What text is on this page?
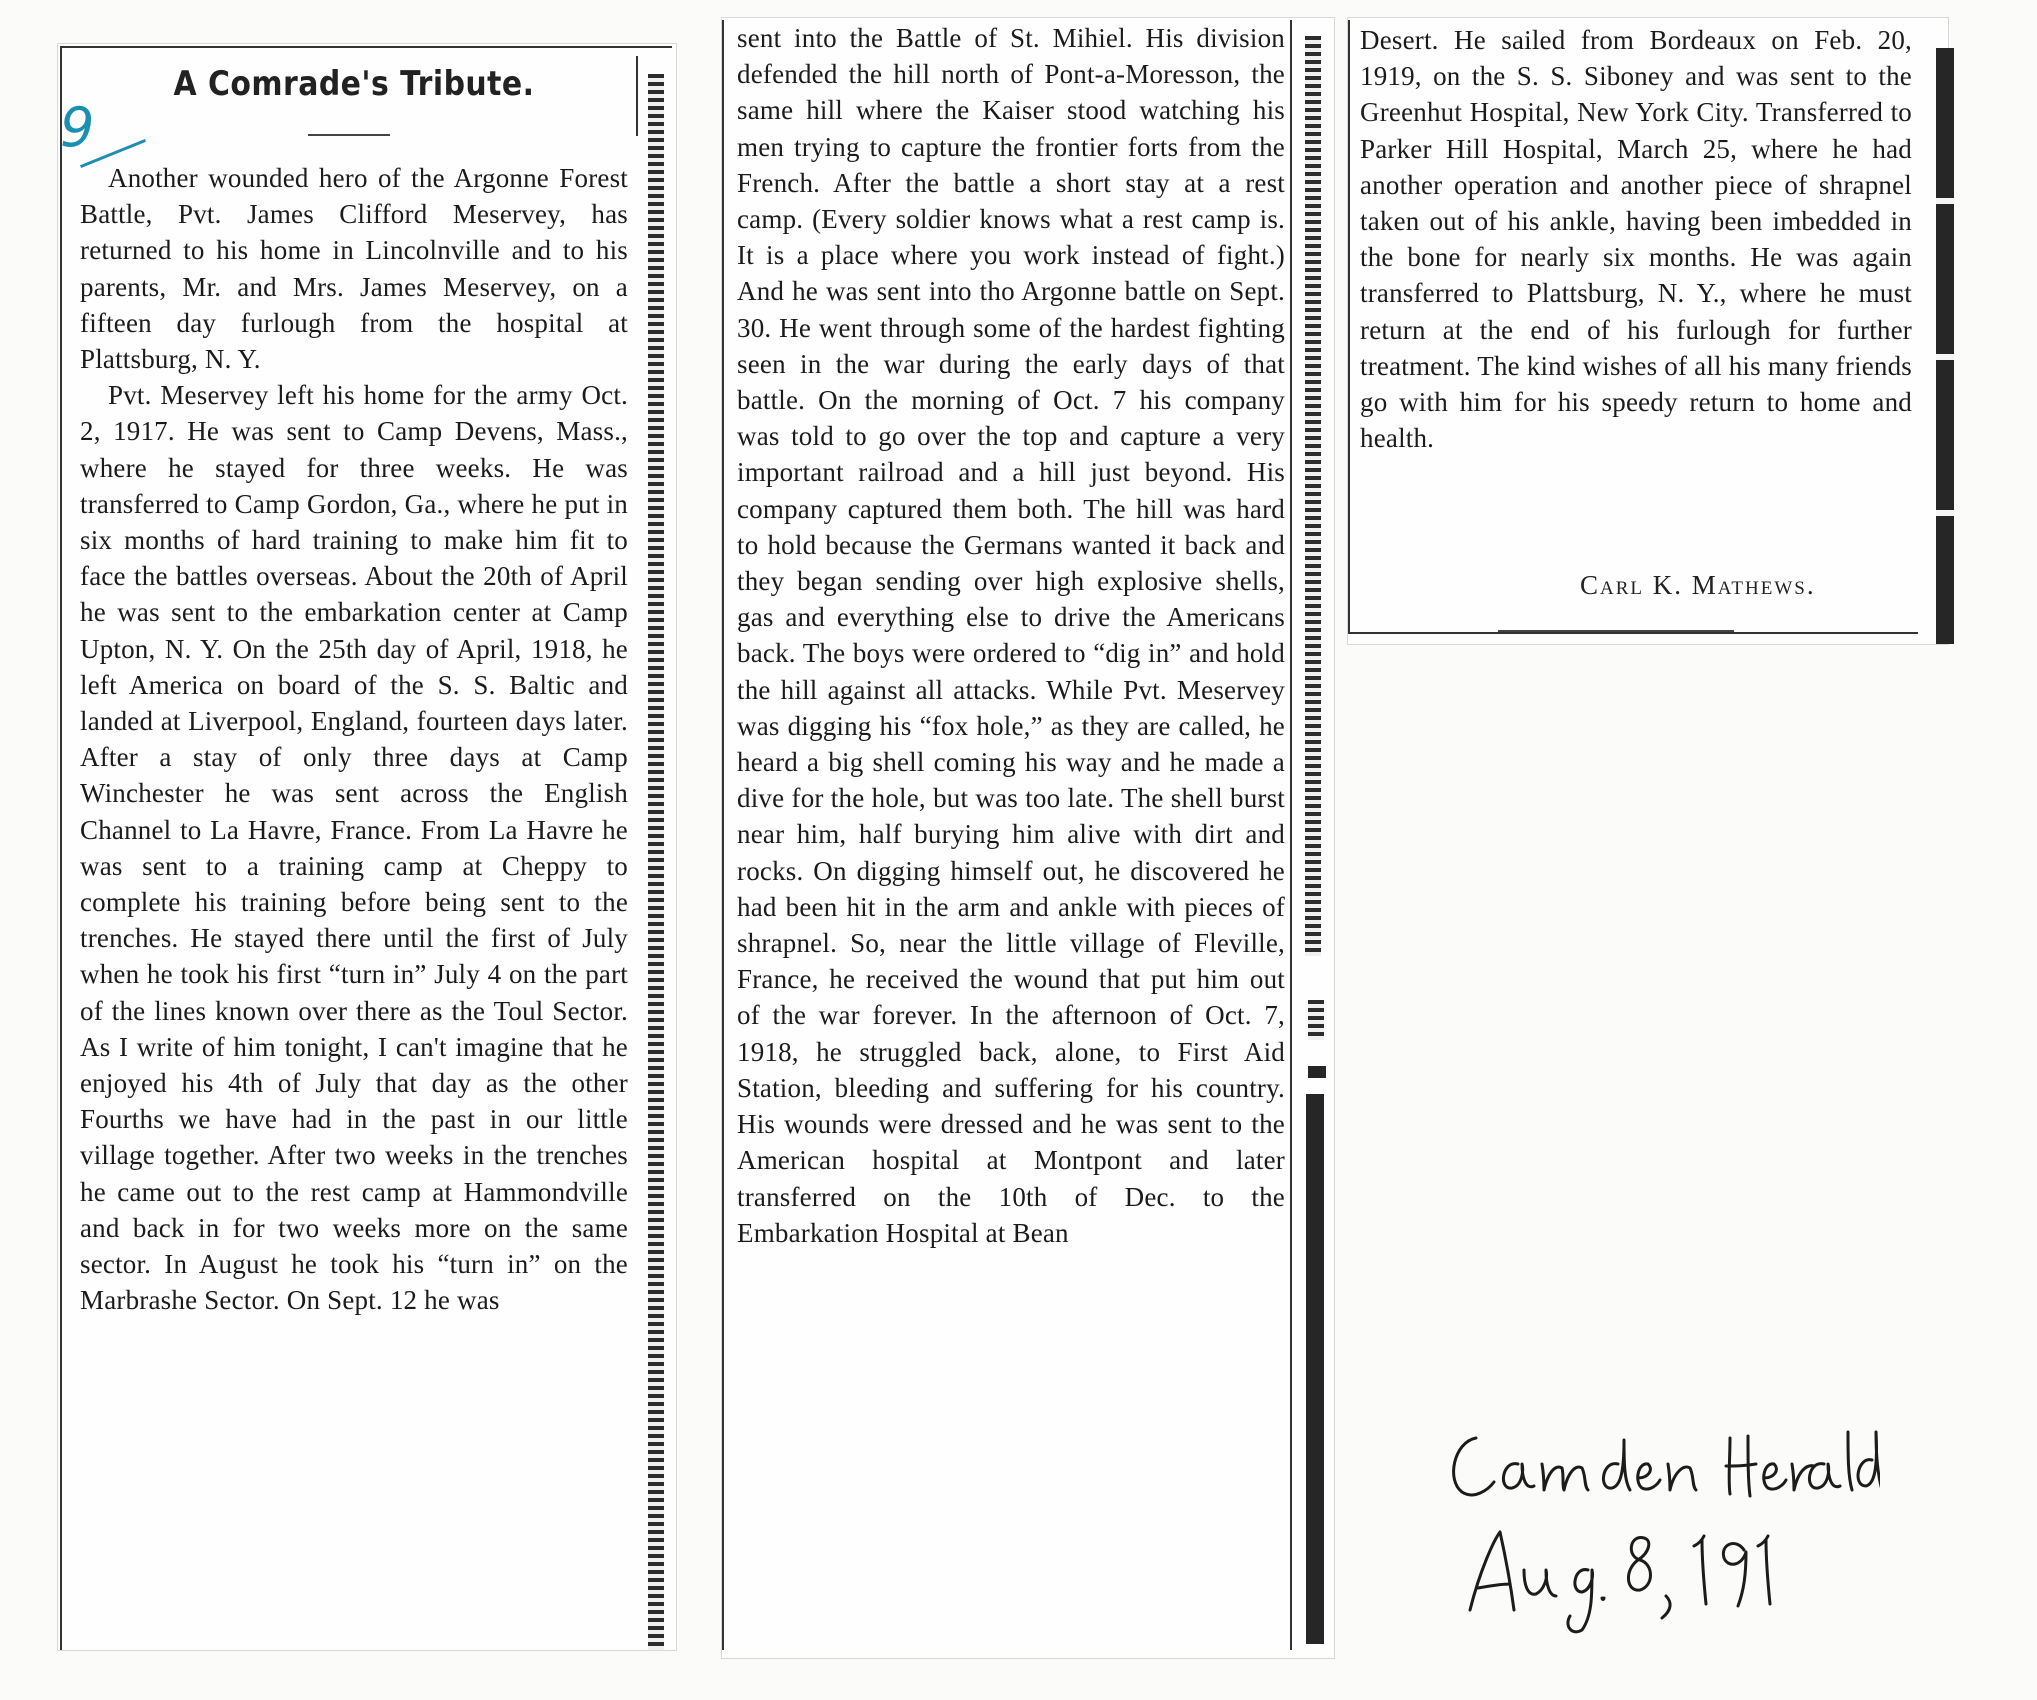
9
A Comrade's Tribute.

Another wounded hero of the Argonne Forest Battle, Pvt. James Clifford Meservey, has returned to his home in Lincolnville and to his parents, Mr. and Mrs. James Meservey, on a fifteen day furlough from the hospital at Plattsburg, N. Y.

Pvt. Meservey left his home for the army Oct. 2, 1917. He was sent to Camp Devens, Mass., where he stayed for three weeks. He was transferred to Camp Gordon, Ga., where he put in six months of hard training to make him fit to face the battles overseas. About the 20th of April he was sent to the embarkation center at Camp Upton, N. Y. On the 25th day of April, 1918, he left America on board of the S. S. Baltic and landed at Liverpool, England, fourteen days later. After a stay of only three days at Camp Winchester he was sent across the English Channel to La Havre, France. From La Havre he was sent to a training camp at Cheppy to complete his training before being sent to the trenches. He stayed there until the first of July when he took his first “turn in” July 4 on the part of the lines known over there as the Toul Sector. As I write of him tonight, I can't imagine that he enjoyed his 4th of July that day as the other Fourths we have had in the past in our little village together. After two weeks in the trenches he came out to the rest camp at Hammondville and back in for two weeks more on the same sector. In August he took his “turn in” on the Marbrashe Sector. On Sept. 12 he was

sent into the Battle of St. Mihiel. His division defended the hill north of Pont-a-Moresson, the same hill where the Kaiser stood watching his men trying to capture the frontier forts from the French. After the battle a short stay at a rest camp. (Every soldier knows what a rest camp is. It is a place where you work instead of fight.) And he was sent into tho Argonne battle on Sept. 30. He went through some of the hardest fighting seen in the war during the early days of that battle. On the morning of Oct. 7 his company was told to go over the top and capture a very important railroad and a hill just beyond. His company captured them both. The hill was hard to hold because the Germans wanted it back and they began sending over high explosive shells, gas and everything else to drive the Americans back. The boys were ordered to “dig in” and hold the hill against all attacks. While Pvt. Meservey was digging his “fox hole,” as they are called, he heard a big shell coming his way and he made a dive for the hole, but was too late. The shell burst near him, half burying him alive with dirt and rocks. On digging himself out, he discovered he had been hit in the arm and ankle with pieces of shrapnel. So, near the little village of Fleville, France, he received the wound that put him out of the war forever. In the afternoon of Oct. 7, 1918, he struggled back, alone, to First Aid Station, bleeding and suffering for his country. His wounds were dressed and he was sent to the American hospital at Montpont and later transferred on the 10th of Dec. to the Embarkation Hospital at Bean

Desert. He sailed from Bordeaux on Feb. 20, 1919, on the S. S. Siboney and was sent to the Greenhut Hospital, New York City. Transferred to Parker Hill Hospital, March 25, where he had another operation and another piece of shrapnel taken out of his ankle, having been imbedded in the bone for nearly six months. He was again transferred to Plattsburg, N. Y., where he must return at the end of his furlough for further treatment. The kind wishes of all his many friends go with him for his speedy return to home and health.

Carl K. Mathews.
